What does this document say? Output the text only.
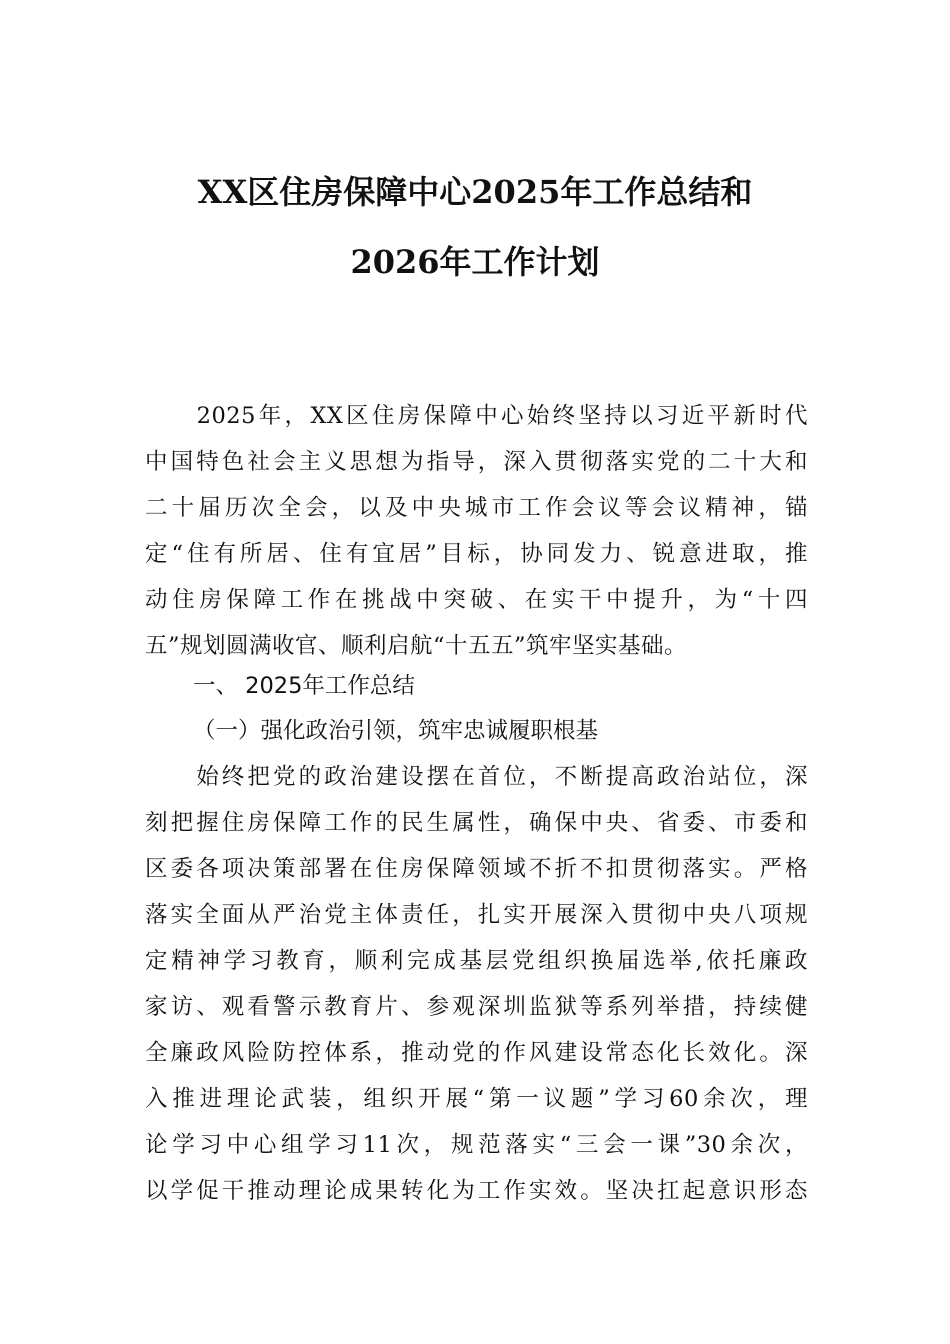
XX区住房保障中心2025年工作总结和
2026年工作计划
　　2025年，XX区住房保障中心始终坚持以习近平新时代
中国特色社会主义思想为指导，深入贯彻落实党的二十大和
二十届历次全会，以及中央城市工作会议等会议精神，锚
定“住有所居、住有宜居”目标，协同发力、锐意进取，推
动住房保障工作在挑战中突破、在实干中提升，为“十四
五”规划圆满收官、顺利启航“十五五”筑牢坚实基础。
一、 2025年工作总结
（一）强化政治引领，筑牢忠诚履职根基
　　始终把党的政治建设摆在首位，不断提高政治站位，深
刻把握住房保障工作的民生属性，确保中央、省委、市委和
区委各项决策部署在住房保障领域不折不扣贯彻落实。严格
落实全面从严治党主体责任，扎实开展深入贯彻中央八项规
定精神学习教育，顺利完成基层党组织换届选举,依托廉政
家访、观看警示教育片、参观深圳监狱等系列举措，持续健
全廉政风险防控体系，推动党的作风建设常态化长效化。深
入推进理论武装，组织开展“第一议题”学习60余次，理
论学习中心组学习11次，规范落实“三会一课”30余次，
以学促干推动理论成果转化为工作实效。坚决扛起意识形态
